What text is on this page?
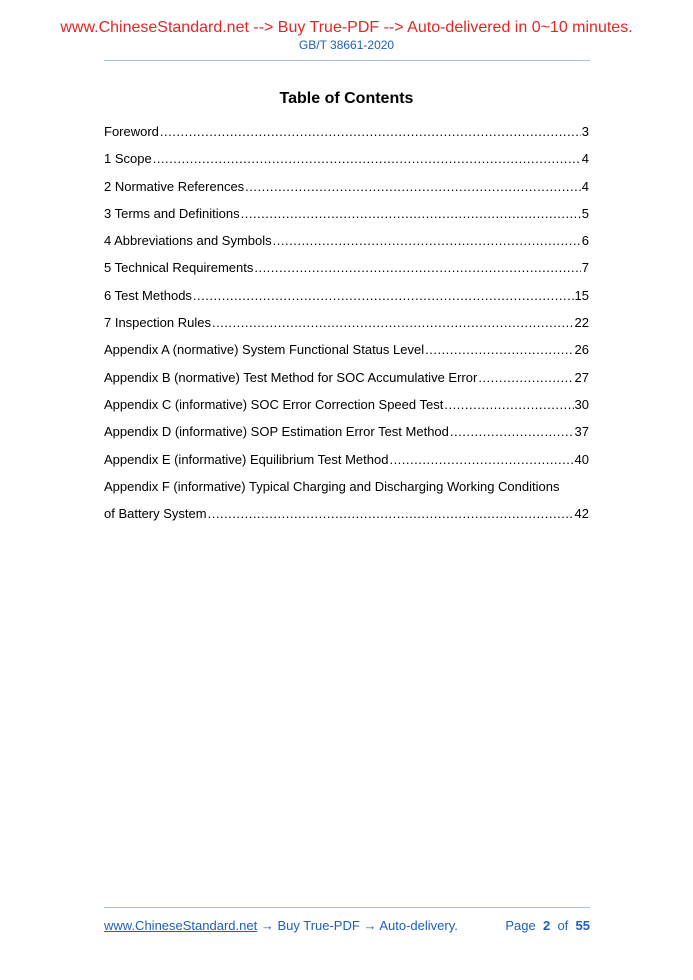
www.ChineseStandard.net --> Buy True-PDF --> Auto-delivered in 0~10 minutes.
GB/T 38661-2020
Table of Contents
Foreword .....	3
1 Scope .....	4
2 Normative References .....	4
3 Terms and Definitions .....	5
4 Abbreviations and Symbols .....	6
5 Technical Requirements .....	7
6 Test Methods .....	15
7 Inspection Rules .....	22
Appendix A (normative) System Functional Status Level .....	26
Appendix B (normative) Test Method for SOC Accumulative Error .....	27
Appendix C (informative) SOC Error Correction Speed Test .....	30
Appendix D (informative) SOP Estimation Error Test Method .....	37
Appendix E (informative) Equilibrium Test Method .....	40
Appendix F (informative) Typical Charging and Discharging Working Conditions
of Battery System .....	42
www.ChineseStandard.net → Buy True-PDF → Auto-delivery.	Page 2 of 55
